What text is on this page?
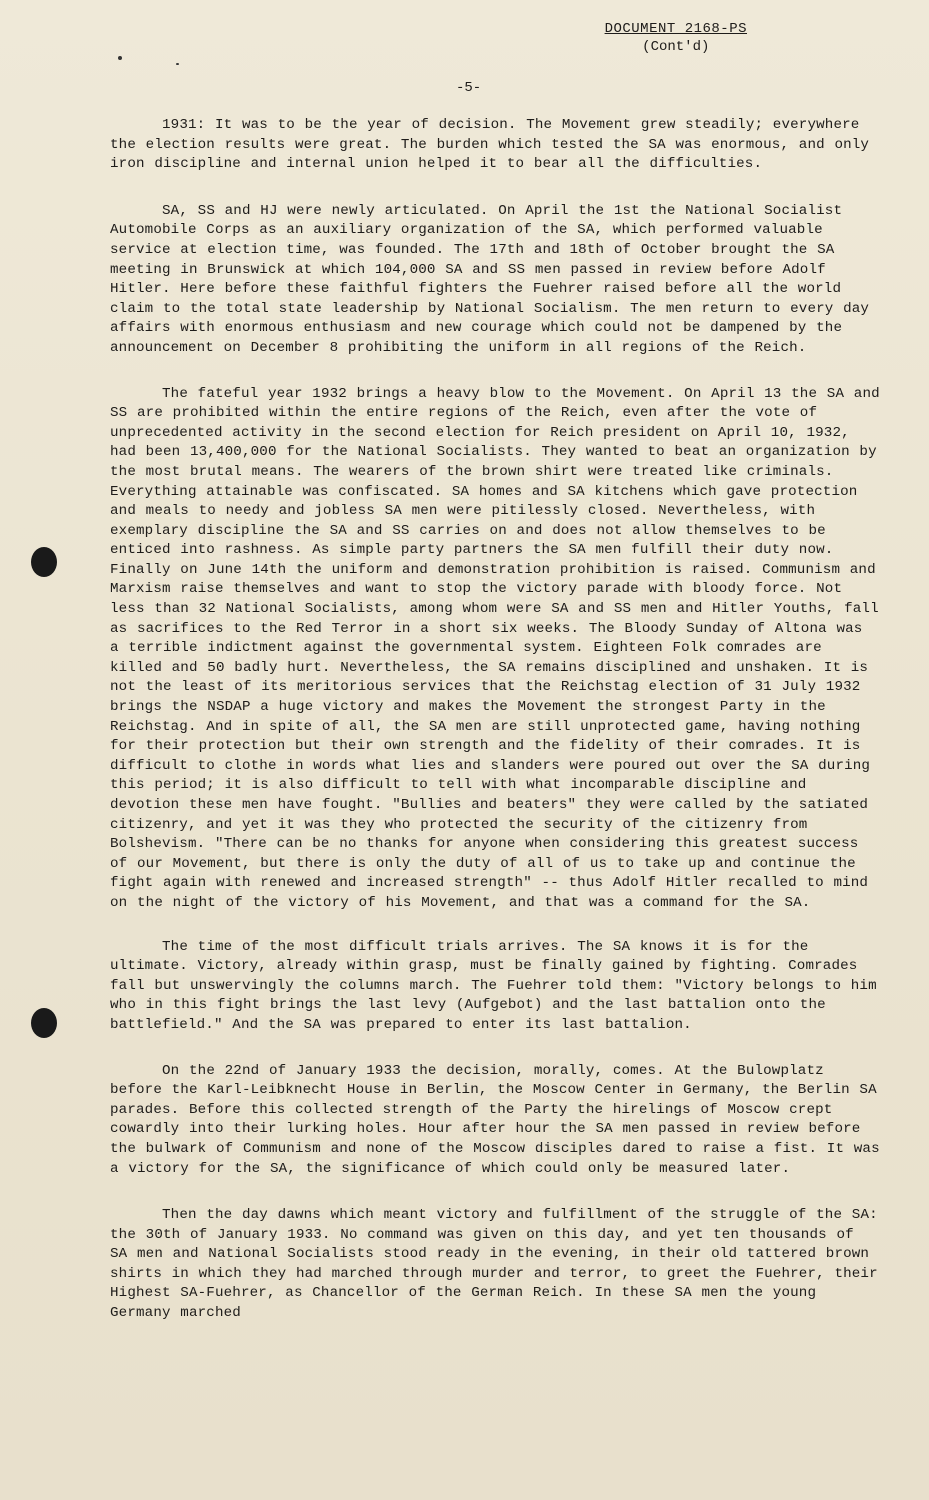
DOCUMENT 2168-PS
(Cont'd)
-5-

1931: It was to be the year of decision. The Movement grew steadily; everywhere the election results were great. The burden which tested the SA was enormous, and only iron discipline and internal union helped it to bear all the difficulties.

SA, SS and HJ were newly articulated. On April the 1st the National Socialist Automobile Corps as an auxiliary organization of the SA, which performed valuable service at election time, was founded. The 17th and 18th of October brought the SA meeting in Brunswick at which 104,000 SA and SS men passed in review before Adolf Hitler. Here before these faithful fighters the Fuehrer raised before all the world claim to the total state leadership by National Socialism. The men return to every day affairs with enormous enthusiasm and new courage which could not be dampened by the announcement on December 8 prohibiting the uniform in all regions of the Reich.

The fateful year 1932 brings a heavy blow to the Movement. On April 13 the SA and SS are prohibited within the entire regions of the Reich, even after the vote of unprecedented activity in the second election for Reich president on April 10, 1932, had been 13,400,000 for the National Socialists. They wanted to beat an organization by the most brutal means. The wearers of the brown shirt were treated like criminals. Everything attainable was confiscated. SA homes and SA kitchens which gave protection and meals to needy and jobless SA men were pitilessly closed. Nevertheless, with exemplary discipline the SA and SS carries on and does not allow themselves to be enticed into rashness. As simple party partners the SA men fulfill their duty now. Finally on June 14th the uniform and demonstration prohibition is raised. Communism and Marxism raise themselves and want to stop the victory parade with bloody force. Not less than 32 National Socialists, among whom were SA and SS men and Hitler Youths, fall as sacrifices to the Red Terror in a short six weeks. The Bloody Sunday of Altona was a terrible indictment against the governmental system. Eighteen Folk comrades are killed and 50 badly hurt. Nevertheless, the SA remains disciplined and unshaken. It is not the least of its meritorious services that the Reichstag election of 31 July 1932 brings the NSDAP a huge victory and makes the Movement the strongest Party in the Reichstag. And in spite of all, the SA men are still unprotected game, having nothing for their protection but their own strength and the fidelity of their comrades. It is difficult to clothe in words what lies and slanders were poured out over the SA during this period; it is also difficult to tell with what incomparable discipline and devotion these men have fought. "Bullies and beaters" they were called by the satiated citizenry, and yet it was they who protected the security of the citizenry from Bolshevism. "There can be no thanks for anyone when considering this greatest success of our Movement, but there is only the duty of all of us to take up and continue the fight again with renewed and increased strength" -- thus Adolf Hitler recalled to mind on the night of the victory of his Movement, and that was a command for the SA.

The time of the most difficult trials arrives. The SA knows it is for the ultimate. Victory, already within grasp, must be finally gained by fighting. Comrades fall but unswervingly the columns march. The Fuehrer told them: "Victory belongs to him who in this fight brings the last levy (Aufgebot) and the last battalion onto the battlefield." And the SA was prepared to enter its last battalion.

On the 22nd of January 1933 the decision, morally, comes. At the Bulowplatz before the Karl-Leibknecht House in Berlin, the Moscow Center in Germany, the Berlin SA parades. Before this collected strength of the Party the hirelings of Moscow crept cowardly into their lurking holes. Hour after hour the SA men passed in review before the bulwark of Communism and none of the Moscow disciples dared to raise a fist. It was a victory for the SA, the significance of which could only be measured later.

Then the day dawns which meant victory and fulfillment of the struggle of the SA: the 30th of January 1933. No command was given on this day, and yet ten thousands of SA men and National Socialists stood ready in the evening, in their old tattered brown shirts in which they had marched through murder and terror, to greet the Fuehrer, their Highest SA-Fuehrer, as Chancellor of the German Reich. In these SA men the young Germany marched
